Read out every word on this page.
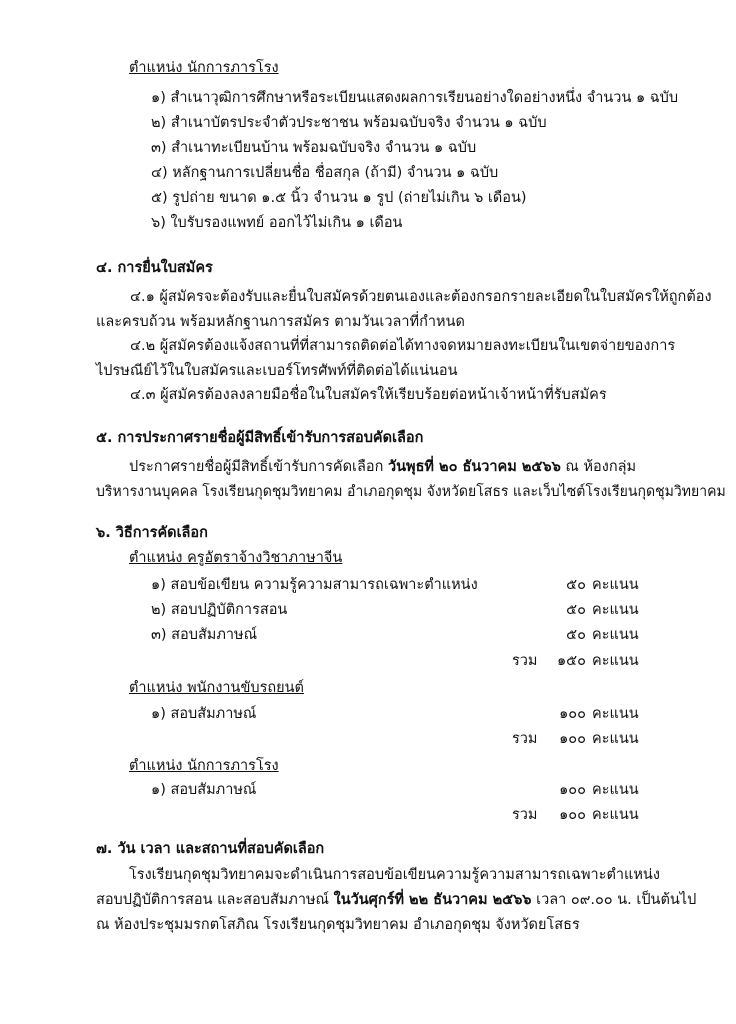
ตำแหน่ง นักการภารโรง
๑) สำเนาวุฒิการศึกษาหรือระเบียนแสดงผลการเรียนอย่างใดอย่างหนึ่ง จำนวน ๑ ฉบับ
๒) สำเนาบัตรประจำตัวประชาชน พร้อมฉบับจริง จำนวน ๑ ฉบับ
๓) สำเนาทะเบียนบ้าน พร้อมฉบับจริง จำนวน ๑ ฉบับ
๔) หลักฐานการเปลี่ยนชื่อ ชื่อสกุล (ถ้ามี) จำนวน ๑ ฉบับ
๕) รูปถ่าย ขนาด ๑.๕ นิ้ว จำนวน ๑ รูป (ถ่ายไม่เกิน ๖ เดือน)
๖) ใบรับรองแพทย์ ออกไว้ไม่เกิน ๑ เดือน
๔. การยื่นใบสมัคร
๔.๑ ผู้สมัครจะต้องรับและยื่นใบสมัครด้วยตนเองและต้องกรอกรายละเอียดในใบสมัครให้ถูกต้อง
และครบถ้วน พร้อมหลักฐานการสมัคร ตามวันเวลาที่กำหนด
๔.๒ ผู้สมัครต้องแจ้งสถานที่ที่สามารถติดต่อได้ทางจดหมายลงทะเบียนในเขตจ่ายของการ
ไปรษณีย์ไว้ในใบสมัครและเบอร์โทรศัพท์ที่ติดต่อได้แน่นอน
๔.๓ ผู้สมัครต้องลงลายมือชื่อในใบสมัครให้เรียบร้อยต่อหน้าเจ้าหน้าที่รับสมัคร
๕. การประกาศรายชื่อผู้มีสิทธิ์เข้ารับการสอบคัดเลือก
ประกาศรายชื่อผู้มีสิทธิ์เข้ารับการคัดเลือก วันพุธที่ ๒๐ ธันวาคม ๒๕๖๖ ณ ห้องกลุ่ม
บริหารงานบุคคล โรงเรียนกุดชุมวิทยาคม อำเภอกุดชุม จังหวัดยโสธร และเว็บไซต์โรงเรียนกุดชุมวิทยาคม
๖. วิธีการคัดเลือก
ตำแหน่ง ครูอัตราจ้างวิชาภาษาจีน
๑) สอบข้อเขียน ความรู้ความสามารถเฉพาะตำแหน่ง	๕๐ คะแนน
๒) สอบปฏิบัติการสอน	๕๐ คะแนน
๓) สอบสัมภาษณ์	๕๐ คะแนน
รวม ๑๕๐ คะแนน
ตำแหน่ง พนักงานขับรถยนต์
๑) สอบสัมภาษณ์	๑๐๐ คะแนน
รวม ๑๐๐ คะแนน
ตำแหน่ง นักการภารโรง
๑) สอบสัมภาษณ์	๑๐๐ คะแนน
รวม ๑๐๐ คะแนน
๗. วัน เวลา และสถานที่สอบคัดเลือก
โรงเรียนกุดชุมวิทยาคมจะดำเนินการสอบข้อเขียนความรู้ความสามารถเฉพาะตำแหน่ง
สอบปฏิบัติการสอน และสอบสัมภาษณ์ ในวันศุกร์ที่ ๒๒ ธันวาคม ๒๕๖๖ เวลา ๐๙.๐๐ น. เป็นต้นไป
ณ ห้องประชุมมรกตโสภิณ โรงเรียนกุดชุมวิทยาคม อำเภอกุดชุม จังหวัดยโสธร
